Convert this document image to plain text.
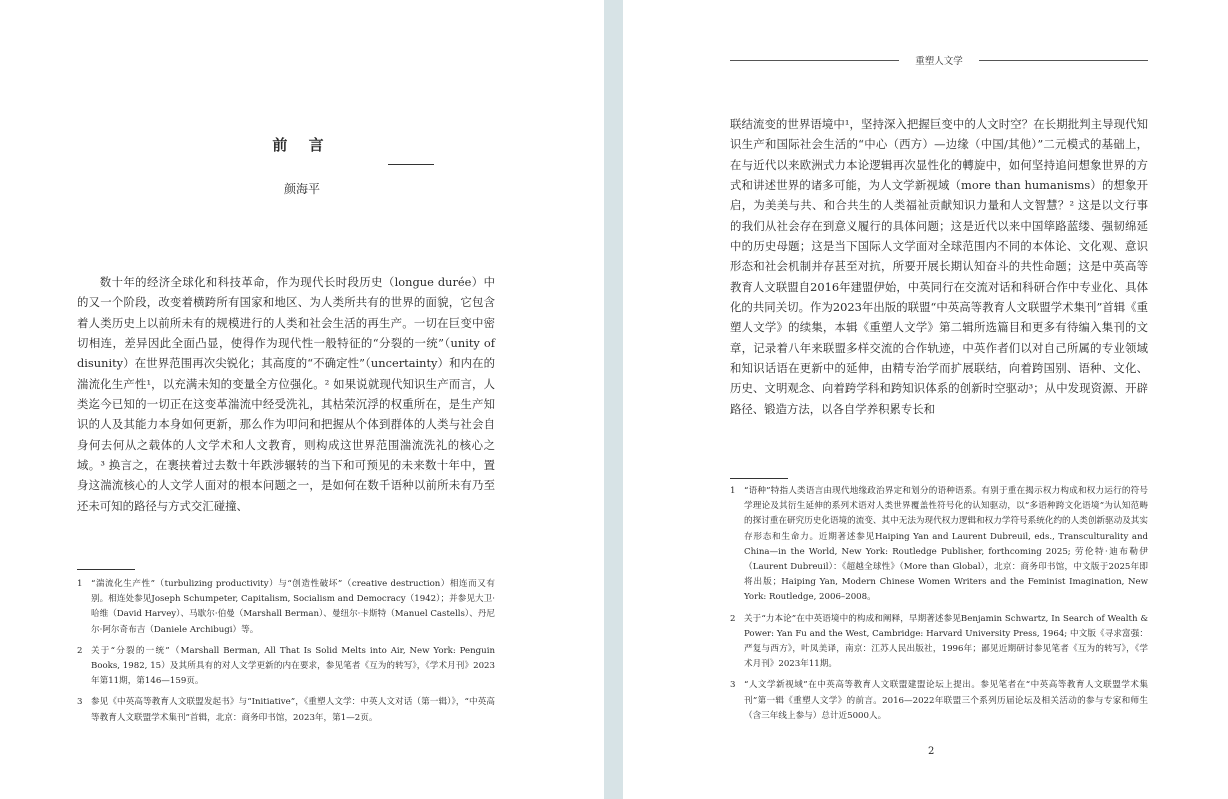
前 言
颜海平

数十年的经济全球化和科技革命，作为现代长时段历史（longue durée）中的又一个阶段，改变着横跨所有国家和地区、为人类所共有的世界的面貌，它包含着人类历史上以前所未有的规模进行的人类和社会生活的再生产。一切在巨变中密切相连，差异因此全面凸显，使得作为现代性一般特征的“分裂的一统”（unity of disunity）在世界范围再次尖锐化；其高度的“不确定性”（uncertainty）和内在的湍流化生产性¹，以充满未知的变量全方位强化。² 如果说就现代知识生产而言，人类迄今已知的一切正在这变革湍流中经受洗礼，其枯荣沉浮的权重所在，是生产知识的人及其能力本身如何更新，那么作为叩问和把握从个体到群体的人类与社会自身何去何从之载体的人文学术和人文教育，则构成这世界范围湍流洗礼的核心之域。³ 换言之，在裹挟着过去数十年跌涉辗转的当下和可预见的未来数十年中，置身这湍流核心的人文学人面对的根本问题之一，是如何在数千语种以前所未有乃至还未可知的路径与方式交汇碰撞、

1 “湍流化生产性”（turbulizing productivity）与“创造性破坏”（creative destruction）相连而又有别。相连处参见Joseph Schumpeter, Capitalism, Socialism and Democracy（1942）；并参见大卫·哈维（David Harvey）、马歇尔·伯曼（Marshall Berman）、曼纽尔·卡斯特（Manuel Castells）、丹尼尔·阿尔奇布吉（Daniele Archibugi）等。
2 关于“分裂的一统”（Marshall Berman, All That Is Solid Melts into Air, New York: Penguin Books, 1982, 15）及其所具有的对人文学更新的内在要求，参见笔者《互为的转写》，《学术月刊》2023年第11期，第146—159页。
3 参见《中英高等教育人文联盟发起书》与“Initiative”，《重塑人文学：中英人文对话（第一辑）》，“中英高等教育人文联盟学术集刊”首辑，北京：商务印书馆，2023年，第1—2页。
重塑人文学

联结流变的世界语境中¹，坚持深入把握巨变中的人文时空？在长期批判主导现代知识生产和国际社会生活的“中心（西方）—边缘（中国/其他）”二元模式的基础上，在与近代以来欧洲式力本论逻辑再次显性化的轉旋中，如何坚持追问想象世界的方式和讲述世界的诸多可能，为人文学新视域（more than humanisms）的想象开启，为美美与共、和合共生的人类福祉贡献知识力量和人文智慧？² 这是以文行事的我们从社会存在到意义履行的具体问题；这是近代以来中国筚路蓝缕、强韧绵延中的历史母题；这是当下国际人文学面对全球范围内不同的本体论、文化观、意识形态和社会机制并存甚至对抗，所要开展长期认知奋斗的共性命题；这是中英高等教育人文联盟自2016年建盟伊始，中英同行在交流对话和科研合作中专业化、具体化的共同关切。作为2023年出版的联盟“中英高等教育人文联盟学术集刊”首辑《重塑人文学》的续集，本辑《重塑人文学》第二辑所选篇目和更多有待编入集刊的文章，记录着八年来联盟多样交流的合作轨迹，中英作者们以对自己所属的专业领域和知识话语在更新中的延伸，由精专治学而扩展联结，向着跨国别、语种、文化、历史、文明观念、向着跨学科和跨知识体系的创新时空驱动³；从中发现资源、开辟路径、锻造方法，以各自学养积累专长和

1 “语种”特指人类语言由现代地缘政治界定和划分的语种语系。有别于重在揭示权力构成和权力运行的符号学理论及其衍生延伸的系列术语对人类世界覆盖性符号化的认知驱动，以“多语种跨文化语境”为认知范畴的探讨重在研究历史化语境的流变、其中无法为现代权力逻辑和权力学符号系统化约的人类创新驱动及其实存形态和生命力。近期著述参见Haiping Yan and Laurent Dubreuil, eds., Transculturality and China—in the World, New York: Routledge Publisher, forthcoming 2025; 劳伦特·迪布勒伊（Laurent Dubreuil）：《超越全球性》（More than Global），北京：商务印书馆，中文版于2025年即将出版；Haiping Yan, Modern Chinese Women Writers and the Feminist Imagination, New York: Routledge, 2006–2008。
2 关于“力本论”在中英语境中的构成和阐释，早期著述参见Benjamin Schwartz, In Search of Wealth & Power: Yan Fu and the West, Cambridge: Harvard University Press, 1964; 中文版《寻求富强：严复与西方》，叶凤美译，南京：江苏人民出版社，1996年；鄙见近期研讨参见笔者《互为的转写》，《学术月刊》2023年11期。
3 “人文学新视域”在中英高等教育人文联盟建盟论坛上提出。参见笔者在“中英高等教育人文联盟学术集刊”第一辑《重塑人文学》的前言。2016—2022年联盟三个系列历届论坛及相关活动的参与专家和师生（含三年线上参与）总计近5000人。
2
